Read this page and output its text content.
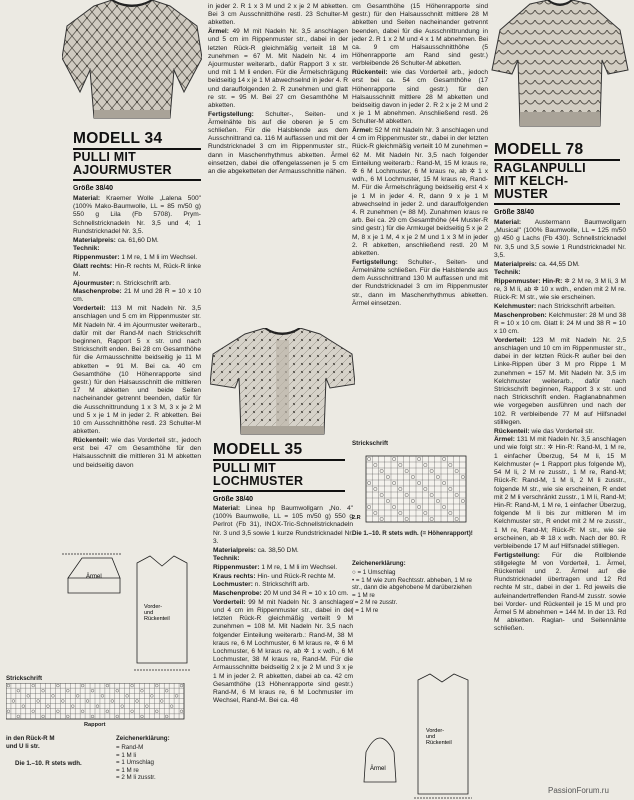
MODELL 34
PULLI MIT
AJOURMUSTER
Größe 38/40
MODELL 35
PULLI MIT
LOCHMUSTER
Größe 38/40
MODELL 78
RAGLANPULLI
MIT KELCH-
MUSTER
Größe 38/40

Material: Kraemer Wolle „Lalena 500" (100% Mako-Baumwolle, LL = 85 m/50 g) 550 g Lila (Fb 5708). Prym-Schnellstricknadeln Nr. 3,5 und 4; 1 Rundstricknadel Nr. 3,5.

Materialpreis: ca. 61,60 DM.

Technik:

Rippenmuster: 1 M re, 1 M li im Wechsel.

Glatt rechts: Hin-R rechts M, Rück-R linke M.

Ajourmuster: n. Strickschrift arb.

Maschenprobe: 21 M und 28 R = 10 x 10 cm.

Vorderteil: 113 M mit Nadeln Nr. 3,5 anschlagen und 5 cm im Rippenmuster str. Mit Nadeln Nr. 4 im Ajourmuster weiterarb., dafür mit der Rand-M nach Strickschrift beginnen, Rapport 5 x str. und nach Strickschrift enden. Bei 28 cm Gesamthöhe für die Armausschnitte beidseitig je 11 M abketten = 91 M. Bei ca. 40 cm Gesamthöhe (10 Höhenrapporte sind gestr.) für den Halsausschnitt die mittleren 17 M abketten und beide Seiten nacheinander getrennt beenden, dafür für die Ausschnittrundung 1 x 3 M, 3 x je 2 M und 5 x je 1 M in jeder 2. R abketten. Bei 10 cm Ausschnitthöhe restl. 23 Schulter-M abketten.

Rückenteil: wie das Vorderteil str., jedoch erst bei 47 cm Gesamthöhe für den Halsausschnitt die mittleren 31 M abketten und beidseitig davon

in jeder 2. R 1 x 3 M und 2 x je 2 M abketten. Bei 3 cm Ausschnitthöhe restl. 23 Schulter-M abketten.

Ärmel: 49 M mit Nadeln Nr. 3,5 anschlagen und 5 cm im Rippenmuster str., dabei in der letzten Rück-R gleichmäßig verteilt 18 M zunehmen = 67 M. Mit Nadeln Nr. 4 im Ajourmuster weiterarb., dafür Rapport 3 x str. und mit 1 M li enden. Für die Ärmelschrägung beidseitig 14 x je 1 M abwechselnd in jeder 4. R und darauffolgenden 2. R zunehmen und glatt re str. = 95 M. Bei 27 cm Gesamthöhe M abketten.

Fertigstellung: Schulter-, Seiten- und Ärmelnähte bis auf die oberen je 5 cm schließen. Für die Halsblende aus dem Ausschnittrand ca. 116 M auffassen und mit der Rundstricknadel 3 cm im Rippenmuster str., dann in Maschenrhythmus abketten. Ärmel einsetzen, dabei die offengelassenen je 5 cm an die abgeketteten der Armausschnitte nähen.

Material: Linea hp Baumwollgarn „No. 4" (100% Baumwolle, LL = 105 m/50 g) 550 g Perlrot (Fb 31), INOX-Tric-Schnellstricknadeln Nr. 3 und 3,5 sowie 1 kurze Rundstricknadel Nr. 3.

Materialpreis: ca. 38,50 DM.

Technik:

Rippenmuster: 1 M re, 1 M li im Wechsel.

Kraus rechts: Hin- und Rück-R rechte M.

Lochmuster: n. Strickschrift arb.

Maschenprobe: 20 M und 34 R = 10 x 10 cm.

Vorderteil: 99 M mit Nadeln Nr. 3 anschlagen und 4 cm im Rippenmuster str., dabei in der letzten Rück-R gleichmäßig verteilt 9 M zunehmen = 108 M. Mit Nadeln Nr. 3,5 nach folgender Einteilung weiterarb.: Rand-M, 38 M kraus re, 6 M Lochmuster, 6 M kraus re, ✲ 6 M Lochmuster, 6 M kraus re, ab ✲ 1 x wdh., 6 M Lochmuster, 38 M kraus re, Rand-M. Für die Armausschnitte beidseitig 2 x je 2 M und 3 x je 1 M in jeder 2. R abketten, dabei ab ca. 42 cm Gesamthöhe (13 Höhenrapporte sind gestr.) Rand-M, 6 M kraus re, 6 M Lochmuster im Wechsel, Rand-M. Bei ca. 48

cm Gesamthöhe (15 Höhenrapporte sind gestr.) für den Halsausschnitt mittlere 28 M abketten und Seiten nacheinander getrennt beenden, dabei für die Ausschnittrundung in jeder 2. R 1 x 2 M und 4 x 1 M abnehmen. Bei ca. 9 cm Halsausschnitthöhe (5 Höhenrapporte am Rand sind gestr.) verbleibende 26 Schulter-M abketten.

Rückenteil: wie das Vorderteil arb., jedoch erst bei ca. 54 cm Gesamthöhe (17 Höhenrapporte sind gestr.) für den Halsausschnitt mittlere 28 M abketten und beidseitig davon in jeder 2. R 2 x je 2 M und 2 x je 1 M abnehmen. Anschließend restl. 26 Schulter-M abketten.

Ärmel: 52 M mit Nadeln Nr. 3 anschlagen und 4 cm im Rippenmuster str., dabei in der letzten Rück-R gleichmäßig verteilt 10 M zunehmen = 62 M. Mit Nadeln Nr. 3,5 nach folgender Einteilung weiterarb.: Rand-M, 15 M kraus re, ✲ 6 M Lochmuster, 6 M kraus re, ab ✲ 1 x wdh., 6 M Lochmuster, 15 M kraus re, Rand-M. Für die Ärmelschrägung beidseitig erst 4 x je 1 M in jeder 4. R, dann 9 x je 1 M abwechselnd in jeder 2. und darauffolgenden 4. R zunehmen (= 88 M). Zunahmen kraus re arb. Bei ca. 29 cm Gesamthöhe (44 Muster-R sind gestr.) für die Armkugel beidseitig 5 x je 2 M, 8 x je 1 M, 4 x je 2 M und 1 x 3 M in jeder 2. R abketten, anschließend restl. 20 M abketten.

Fertigstellung: Schulter-, Seiten- und Ärmelnähte schließen. Für die Halsblende aus dem Ausschnittrand 130 M auffassen und mit der Rundstricknadel 3 cm im Rippenmuster str., dann im Maschenrhythmus abketten. Ärmel einsetzen.

Material: Austermann Baumwollgarn „Musical" (100% Baumwolle, LL = 125 m/50 g) 450 g Lachs (Fb 430). Schnellstricknadel Nr. 3,5 und 3,5 sowie 1 Rundstricknadel Nr. 3,5.

Materialpreis: ca. 44,55 DM.

Technik:

Rippenmuster: Hin-R: ✲ 2 M re, 3 M li, 3 M re, 3 M li, ab ✲ 10 x wdh., enden mit 2 M re. Rück-R: M str., wie sie erscheinen.

Kelchmuster: nach Strickschrift arbeiten.

Maschenproben: Kelchmuster: 28 M und 38 R = 10 x 10 cm. Glatt li: 24 M und 38 R = 10 x 10 cm.

Vorderteil: 123 M mit Nadeln Nr. 2,5 anschlagen und 10 cm im Rippenmuster str., dabei in der letzten Rück-R außer bei den Linke-Rippen über 3 M pro Rippe 1 M zunehmen = 157 M. Mit Nadeln Nr. 3,5 im Kelchmuster weiterarb., dafür nach Strickschrift beginnen, Rapport 3 x str. und nach Strickschrift enden. Raglanabnahmen wie vorgegeben ausführen und nach der 102. R verbleibende 77 M auf Hilfsnadel stilllegen.

Rückenteil: wie das Vorderteil str.

Ärmel: 131 M mit Nadeln Nr. 3,5 anschlagen und wie folgt str.: ✲ Hin-R: Rand-M, 1 M re, 1 einfacher Überzug, 54 M li, 15 M Kelchmuster (= 1 Rapport plus folgende M), 54 M li, 2 M re zusstr., 1 M re, Rand-M; Rück-R: Rand-M, 1 M li, 2 M li zusstr., folgende M str., wie sie erscheinen, R endet mit 2 M li verschränkt zusstr., 1 M li, Rand-M; Hin-R: Rand-M, 1 M re, 1 einfacher Überzug, folgende M li bis zur mittleren M im Kelchmuster str., R endet mit 2 M re zusstr., 1 M re, Rand-M; Rück-R: M str., wie sie erscheinen, ab ✲ 18 x wdh. Nach der 80. R verbleibende 17 M auf Hilfsnadel stilllegen.

Fertigstellung: Für die Rollblende stillgelegte M von Vorderteil, 1. Ärmel, Rückenteil und 2. Ärmel auf die Rundstricknadel übertragen und 12 Rd rechte M str., dabei in der 1. Rd jeweils die aufeinandertreffenden Rand-M zusstr. sowie bei Vorder- und Rückenteil je 15 M und pro Ärmel 5 M abnehmen = 144 M. In der 13. Rd M abketten. Raglan- und Seitennähte schließen.

Ärmel
Vorder-und Rückenteil
Strickschrift
Rapport
in den Rück-R M
und U li str.
Die 1.–10. R stets wdh.
Zeichenerklärung:
= Rand-M
= 1 M li
= 1 Umschlag
= 1 M re
= 2 M li zusstr.
Strickschrift
2.R
Die 1.–10. R stets wdh. (= Höhenrapport)!
Zeichenerklärung:
○ = 1 Umschlag
• = 1 M wie zum Rechtsstr. abheben, 1 M re str., dann die abgehobene M darüberziehen
= 1 M re
⁄ = 2 M re zusstr.
| = 1 M re
Ärmel
Vorder-und Rückenteil
PassionForum.ru
